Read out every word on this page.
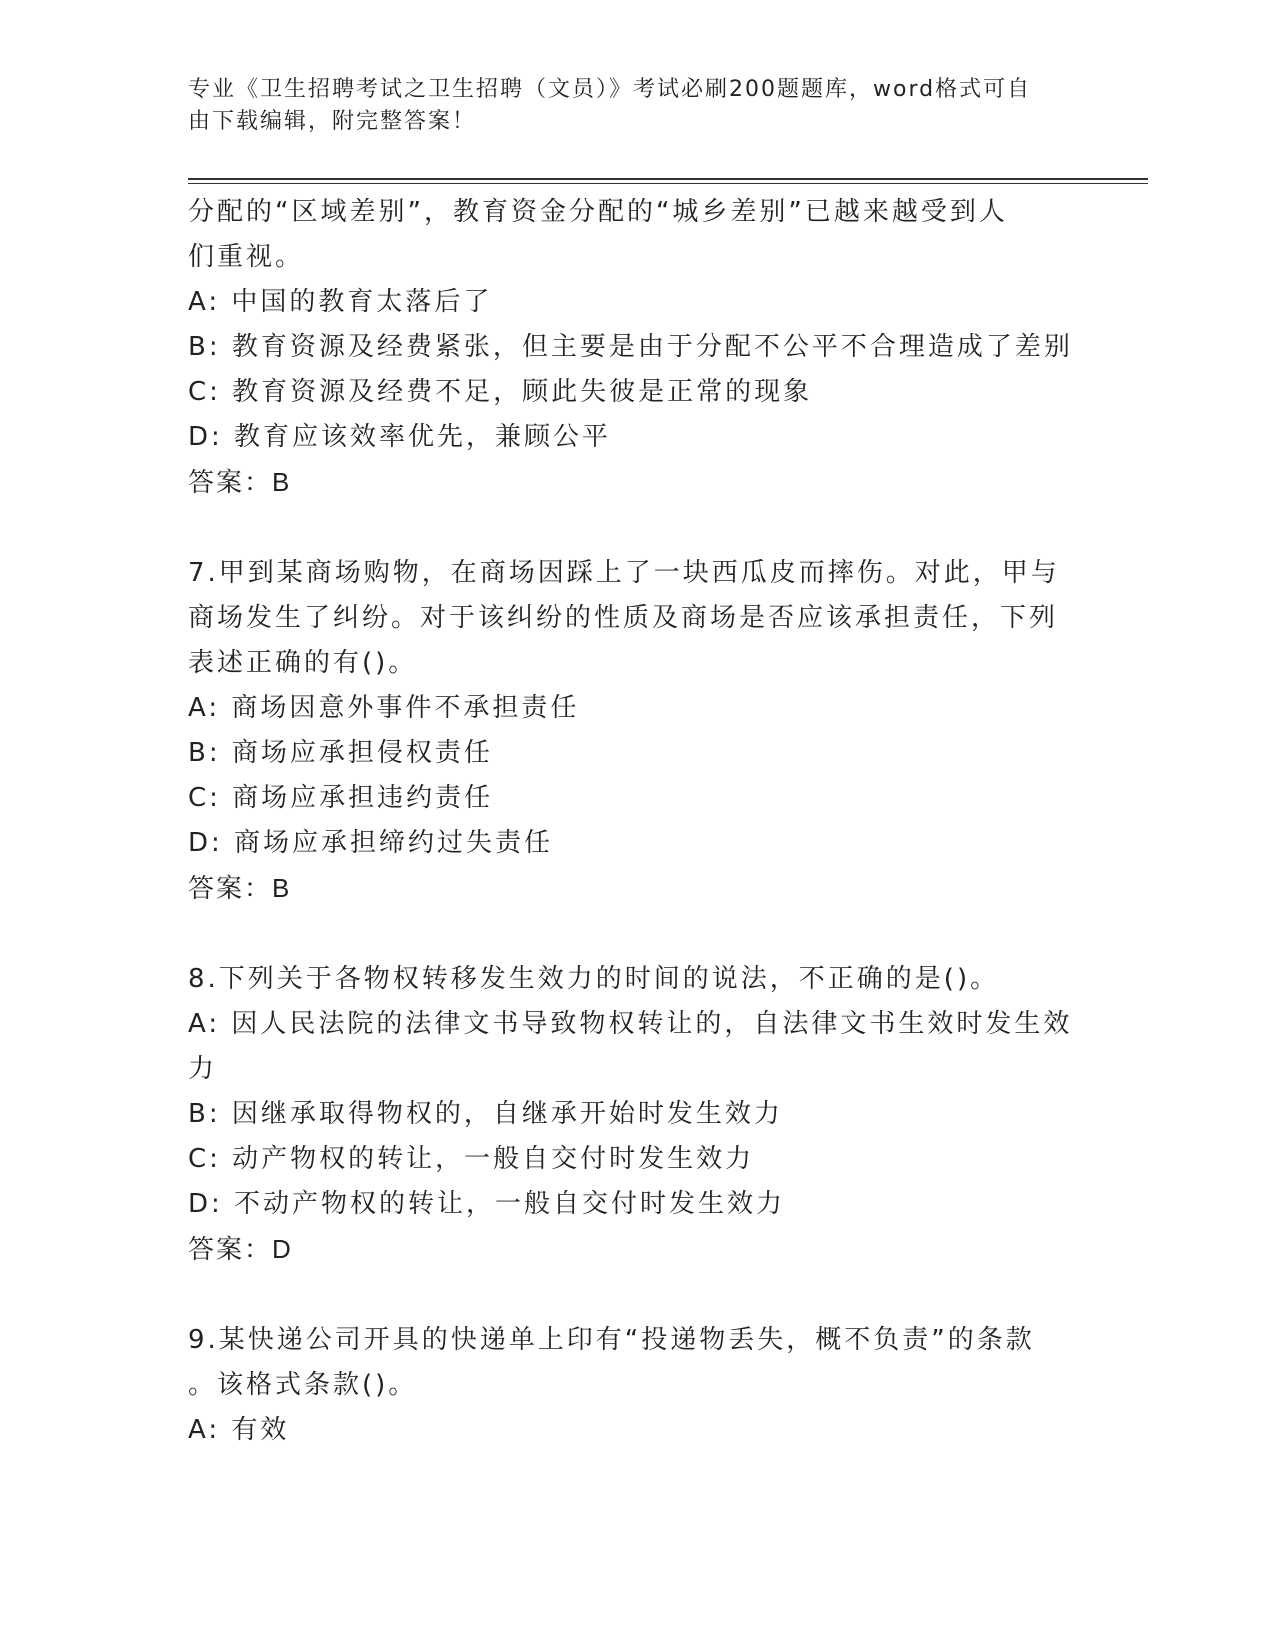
专业《卫生招聘考试之卫生招聘（文员）》考试必刷200题题库，word格式可自
由下载编辑，附完整答案！
分配的“区域差别”，教育资金分配的“城乡差别”已越来越受到人
们重视。
A: 中国的教育太落后了
B: 教育资源及经费紧张，但主要是由于分配不公平不合理造成了差别
C: 教育资源及经费不足，顾此失彼是正常的现象
D: 教育应该效率优先，兼顾公平
答案：B
7.甲到某商场购物，在商场因踩上了一块西瓜皮而摔伤。对此，甲与
商场发生了纠纷。对于该纠纷的性质及商场是否应该承担责任，下列
表述正确的有()。
A: 商场因意外事件不承担责任
B: 商场应承担侵权责任
C: 商场应承担违约责任
D: 商场应承担缔约过失责任
答案：B
8.下列关于各物权转移发生效力的时间的说法，不正确的是()。
A: 因人民法院的法律文书导致物权转让的，自法律文书生效时发生效
力
B: 因继承取得物权的，自继承开始时发生效力
C: 动产物权的转让，一般自交付时发生效力
D: 不动产物权的转让，一般自交付时发生效力
答案：D
9.某快递公司开具的快递单上印有“投递物丢失，概不负责”的条款
。该格式条款()。
A: 有效
